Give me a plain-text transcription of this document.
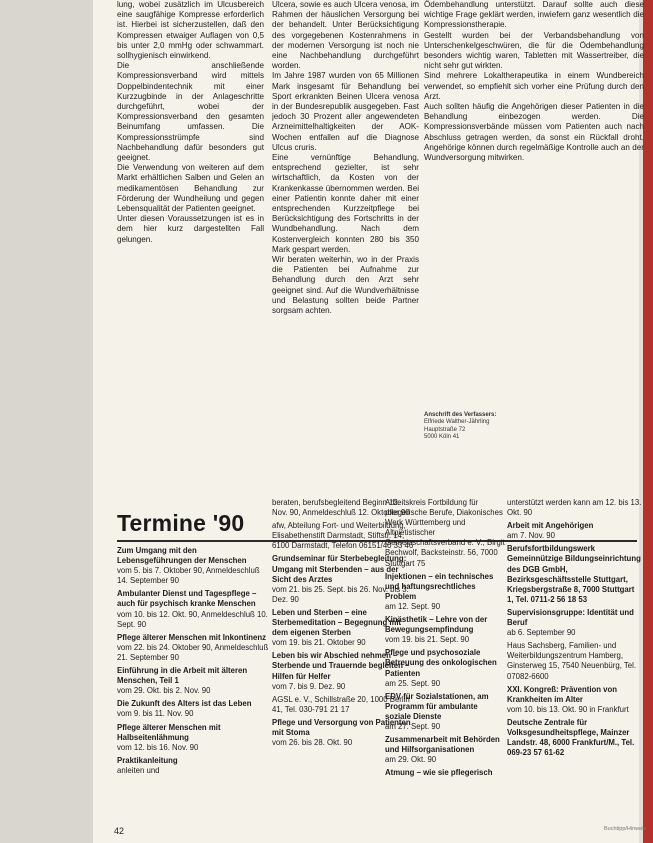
lung, wobei zusätzlich im Ulcusbereich eine saugfähige Kompresse erforderlich ist. Hierbei ist sicherzustellen, daß den Kompressen etwaiger Auflagen von 0,5 bis unter 2,0 mmHg oder schwammart. sollhygienisch einwirkend.

Die anschließende Kompressionsverband wird mittels Doppelbindentechnik mit einer Kurzzugbinde in der Anlageschritte durchgeführt, wobei der Kompressionsverband den gesamten Beinumfang umfassen. Die Kompressionsstrümpfe sind Nachbehandlung dafür besonders gut geeignet.

Die Verwendung von weiteren auf dem Markt erhältlichen Salben und Gelen an medikamentösen Behandlung zur Förderung der Wundheilung und gegen Lebensqualität der Patienten geeignet.

Unter diesen Voraussetzungen ist es in dem hier kurz dargestellten Fall gelungen.

Ulcera, sowie es auch Ulcera venosa, im Rahmen der häuslichen Versorgung bei der behandelt. Unter Berücksichtigung des vorgegebenen Kostenrahmens in der modernen Versorgung ist noch nie eine Nachbehandlung durchgeführt worden.

Im Jahre 1987 wurden von 65 Millionen Mark insgesamt für Behandlung bei Sport erkrankten Beinen Ulcera venosa in der Bundesrepublik ausgegeben. Fast jedoch 30 Prozent aller angewendeten Arzneimittelhaltigkeiten der AOK-Wochen entfallen auf die Diagnose Ulcus cruris.

Eine vernünftige Behandlung, entsprechend gezielter, ist sehr wirtschaftlich, da Kosten von der Krankenkasse übernommen werden. Bei einer Patientin konnte daher mit einer entsprechenden Kurzzeitpflege bei Berücksichtigung des Fortschritts in der Wundbehandlung. Nach dem Kostenvergleich konnten 280 bis 350 Mark gespart werden.

Wir beraten weiterhin, wo in der Praxis die Patienten bei Aufnahme zur Behandlung durch den Arzt sehr geeignet sind. Auf die Wundverhältnisse und Belastung sollten beide Partner sorgsam achten.

Ödembehandlung unterstützt. Darauf sollte auch diese wichtige Frage geklärt werden, inwiefern ganz wesentlich die Kompressionstherapie.

Gestellt wurden bei der Verbandsbehandlung von Unterschenkelgeschwüren, die für die Ödembehandlung besonders wichtig waren, Tabletten mit Wassertreiber, die nicht sehr gut wirkten.

Sind mehrere Lokaltherapeutika in einem Wundbereich verwendet, so empfiehlt sich vorher eine Prüfung durch den Arzt.

Auch sollten häufig die Angehörigen dieser Patienten in die Behandlung einbezogen werden. Die Kompressionsverbände müssen vom Patienten auch nach Abschluss getragen werden, da sonst ein Rückfall droht. Angehörige können durch regelmäßige Kontrolle auch an der Wundversorgung mitwirken.

Anschrift des Verfassers:
Elfriede Walther-Jährling
Hauptstraße 72
5000 Köln 41
Termine '90
Zum Umgang mit den Lebensgeführungen der Menschen
vom 5. bis 7. Oktober 90, Anmeldeschluß 14. September 90
Ambulanter Dienst und Tagespflege – auch für psychisch kranke Menschen
vom 10. bis 12. Okt. 90, Anmeldeschluß 10. Sept. 90
Pflege älterer Menschen mit Inkontinenz
vom 22. bis 24. Oktober 90, Anmeldeschluß 21. September 90
Einführung in die Arbeit mit älteren Menschen, Teil 1
vom 29. Okt. bis 2. Nov. 90
Die Zukunft des Alters ist das Leben
vom 9. bis 11. Nov. 90
Pflege älterer Menschen mit Halbseitenlähmung
vom 12. bis 16. Nov. 90
Praktikanleitung
anleiten und
beraten, berufsbegleitend Beginn 12. Nov. 90, Anmeldeschluß 12. Oktober 90
afw, Abteilung Fort- und Weiterbildung, Elisabethenstift Darmstadt, Stiftstr. 14, 6100 Darmstadt, Telefon 06151/40 33 46
Grundseminar für Sterbebegleitung: Umgang mit Sterbenden – aus der Sicht des Arztes
vom 21. bis 25. Sept. bis 26. Nov. bis 3. Dez. 90
Leben und Sterben – eine Sterbemeditation – Begegnung mit dem eigenen Sterben
vom 19. bis 21. Oktober 90
Leben bis wir Abschied nehmen – Sterbende und Trauernde begleiten – Hilfen für Helfer
vom 7. bis 9. Dez. 90
AGSL e. V., Schillstraße 20, 1000 Berlin 41, Tel. 030-791 21 17
Pflege und Versorgung von Patienten mit Stoma
vom 26. bis 28. Okt. 90
Arbeitskreis Fortbildung für pflegerische Berufe, Diakonisches Werk Württemberg und Altpietistischer Gemeinschaftsverband e. V., Birgit Bechwolf, Backsteinstr. 56, 7000 Stuttgart 75
Injektionen – ein technisches und haftungsrechtliches Problem
am 12. Sept. 90
Kinästhetik – Lehre von der Bewegungsempfindung
vom 19. bis 21. Sept. 90
Pflege und psychosoziale Betreuung des onkologischen Patienten
am 25. Sept. 90
EDV für Sozialstationen, am Programm für ambulante soziale Dienste
am 27. Sept. 90
Zusammenarbeit mit Behörden und Hilfsorganisationen
am 29. Okt. 90
Atmung – wie sie pflegerisch
unterstützt werden kann am 12. bis 13. Okt. 90
Arbeit mit Angehörigen
am 7. Nov. 90
Berufsfortbildungswerk Gemeinnützige Bildungseinrichtung des DGB GmbH, Bezirksgeschäftsstelle Stuttgart, Kriegsbergstraße 8, 7000 Stuttgart 1, Tel. 0711-2 56 18 53
Supervisionsgruppe: Identität und Beruf
ab 6. September 90
Haus Sachsberg, Familien- und Weiterbildungszentrum Hamberg, Ginsterweg 15, 7540 Neuenbürg, Tel. 07082-6600
XXI. Kongreß: Prävention von Krankheiten im Alter
vom 10. bis 13. Okt. 90 in Frankfurt
Deutsche Zentrale für Volksgesundheitspflege, Mainzer Landstr. 48, 6000 Frankfurt/M., Tel. 069-23 57 61-62
42	Buchtipp/Hinweis
